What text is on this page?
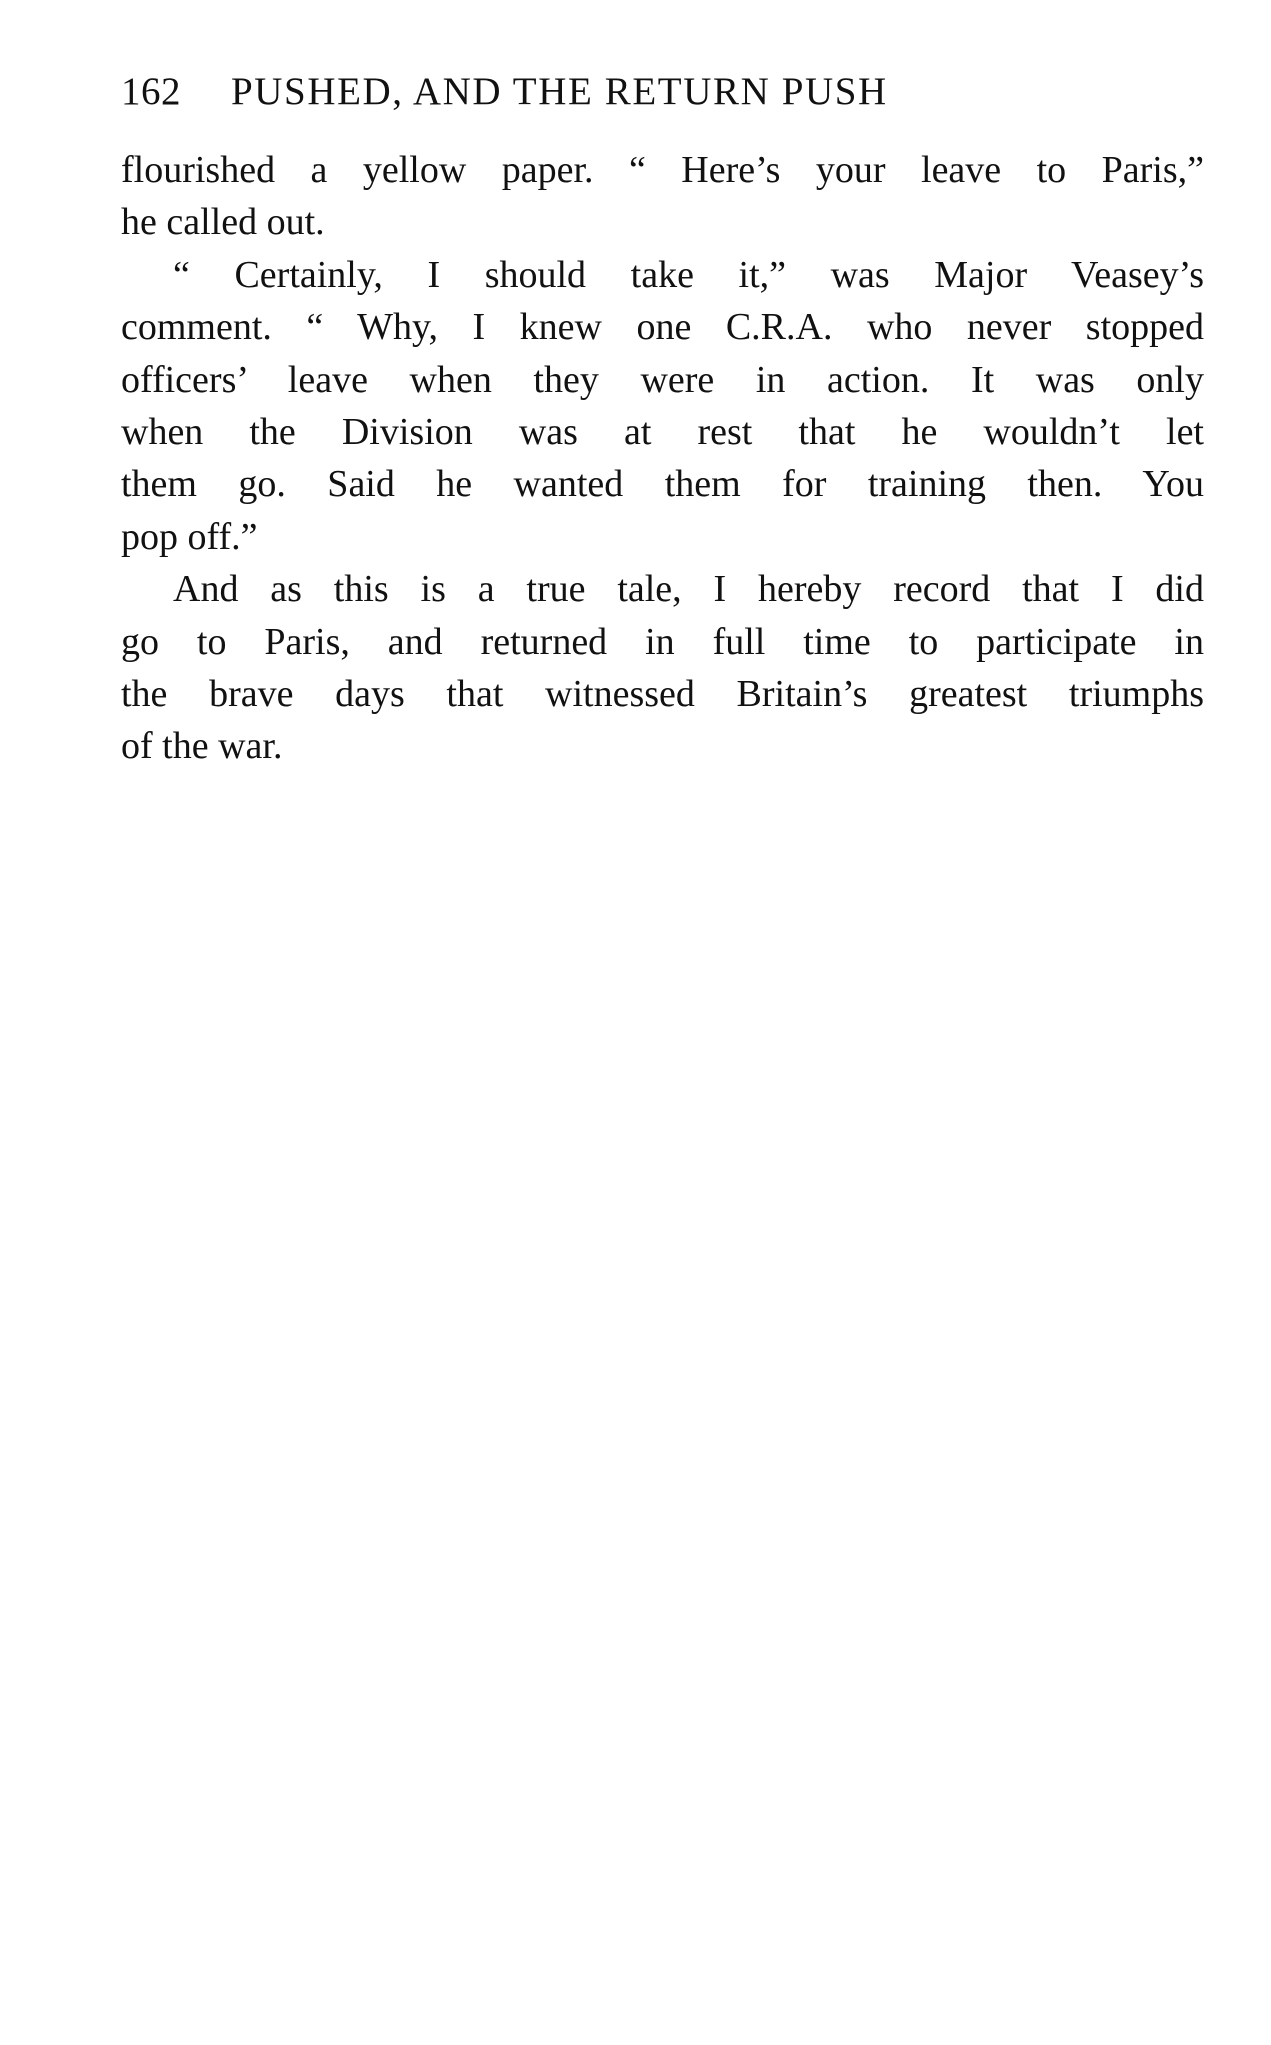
162	PUSHED, AND THE RETURN PUSH
flourished a yellow paper. “ Here’s your leave to Paris,”
he called out.
“ Certainly, I should take it,” was Major Veasey’s
comment. “ Why, I knew one C.R.A. who never stopped
officers’ leave when they were in action. It was only
when the Division was at rest that he wouldn’t let
them go. Said he wanted them for training then. You
pop off.”
And as this is a true tale, I hereby record that I did
go to Paris, and returned in full time to participate in
the brave days that witnessed Britain’s greatest triumphs
of the war.
